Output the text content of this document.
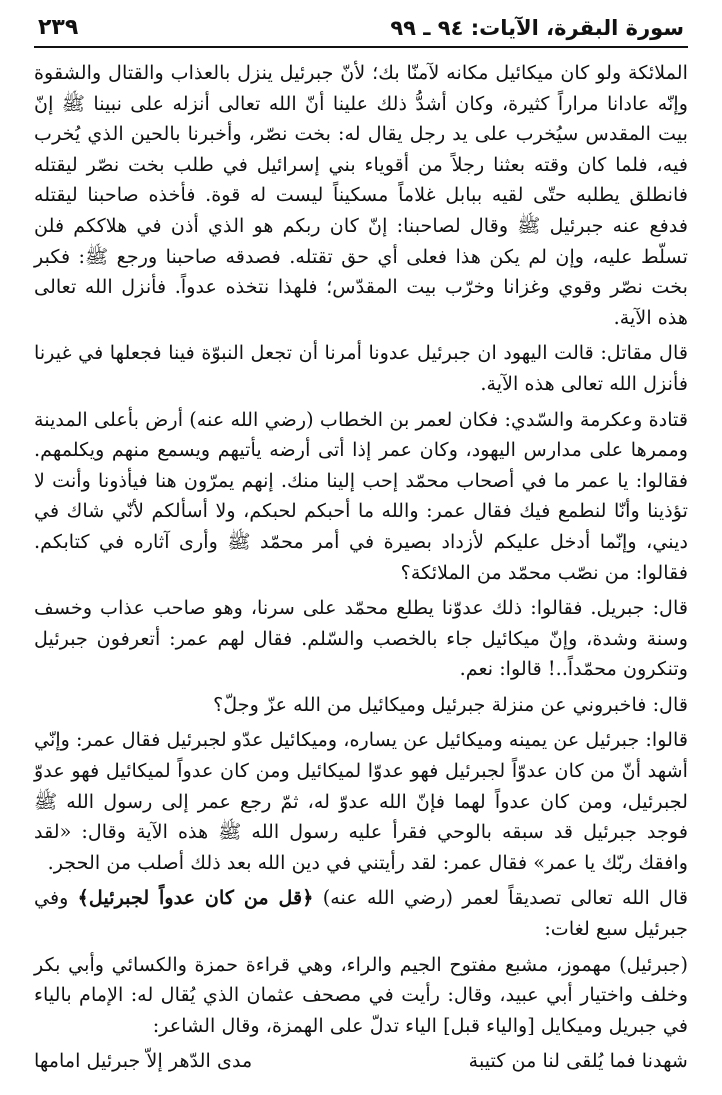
سورة البقرة، الآيات: ٩٤ ـ ٩٩
٢٣٩

الملائكة ولو كان ميكائيل مكانه لآمنّا بك؛ لأنّ جبرئيل ينزل بالعذاب والقتال والشقوة وإنّه عادانا مراراً كثيرة، وكان أشدُّ ذلك علينا أنّ الله تعالى أنزله على نبينا ﷺ إنّ بيت المقدس سيُخرب على يد رجل يقال له: بخت نصّر، وأخبرنا بالحين الذي يُخرب فيه، فلما كان وقته بعثنا رجلاً من أقوياء بني إسرائيل في طلب بخت نصّر ليقتله فانطلق يطلبه حتّى لقيه ببابل غلاماً مسكيناً ليست له قوة. فأخذه صاحبنا ليقتله فدفع عنه جبرئيل ﷺ وقال لصاحبنا: إنّ كان ربكم هو الذي أذن في هلاككم فلن تسلّط عليه، وإن لم يكن هذا فعلى أي حق تقتله. فصدقه صاحبنا ورجع ﷺ: فكبر بخت نصّر وقوي وغزانا وخرّب بيت المقدّس؛ فلهذا نتخذه عدواً. فأنزل الله تعالى هذه الآية.

قال مقاتل: قالت اليهود ان جبرئيل عدونا أمرنا أن تجعل النبوّة فينا فجعلها في غيرنا فأنزل الله تعالى هذه الآية.

قتادة وعكرمة والسّدي: فكان لعمر بن الخطاب (رضي الله عنه) أرض بأعلى المدينة وممرها على مدارس اليهود، وكان عمر إذا أتى أرضه يأتيهم ويسمع منهم ويكلمهم. فقالوا: يا عمر ما في أصحاب محمّد إحب إلينا منك. إنهم يمرّون هنا فيأذونا وأنت لا تؤذينا وأنّا لنطمع فيك فقال عمر: والله ما أحبكم لحبكم، ولا أسألكم لأنّي شاك في ديني، وإنّما أدخل عليكم لأزداد بصيرة في أمر محمّد ﷺ وأرى آثاره في كتابكم. فقالوا: من نصّب محمّد من الملائكة؟

قال: جبريل. فقالوا: ذلك عدوّنا يطلع محمّد على سرنا، وهو صاحب عذاب وخسف وسنة وشدة، وإنّ ميكائيل جاء بالخصب والسّلم. فقال لهم عمر: أتعرفون جبرئيل وتنكرون محمّداً..! قالوا: نعم.

قال: فاخبروني عن منزلة جبرئيل وميكائيل من الله عزّ وجلّ؟

قالوا: جبرئيل عن يمينه وميكائيل عن يساره، وميكائيل عدّو لجبرئيل فقال عمر: وإنّي أشهد أنّ من كان عدوّاً لجبرئيل فهو عدوّا لميكائيل ومن كان عدواً لميكائيل فهو عدوّ لجبرئيل، ومن كان عدواً لهما فإنّ الله عدوّ له، ثمّ رجع عمر إلى رسول الله ﷺ فوجد جبرئيل قد سبقه بالوحي فقرأ عليه رسول الله ﷺ هذه الآية وقال: «لقد وافقك ربّك يا عمر» فقال عمر: لقد رأيتني في دين الله بعد ذلك أصلب من الحجر.

قال الله تعالى تصديقاً لعمر (رضي الله عنه) ﴿قل من كان عدواً لجبرئيل﴾ وفي جبرئيل سبع لغات:

(جبرئيل) مهموز، مشبع مفتوح الجيم والراء، وهي قراءة حمزة والكسائي وأبي بكر وخلف واختيار أبي عبيد، وقال: رأيت في مصحف عثمان الذي يُقال له: الإمام بالياء في جبريل وميكايل [والياء قبل] الياء تدلّ على الهمزة، وقال الشاعر:

شهدنا فما يُلقى لنا من كتيبة
مدى الدّهر إلاّ جبرئيل امامها
